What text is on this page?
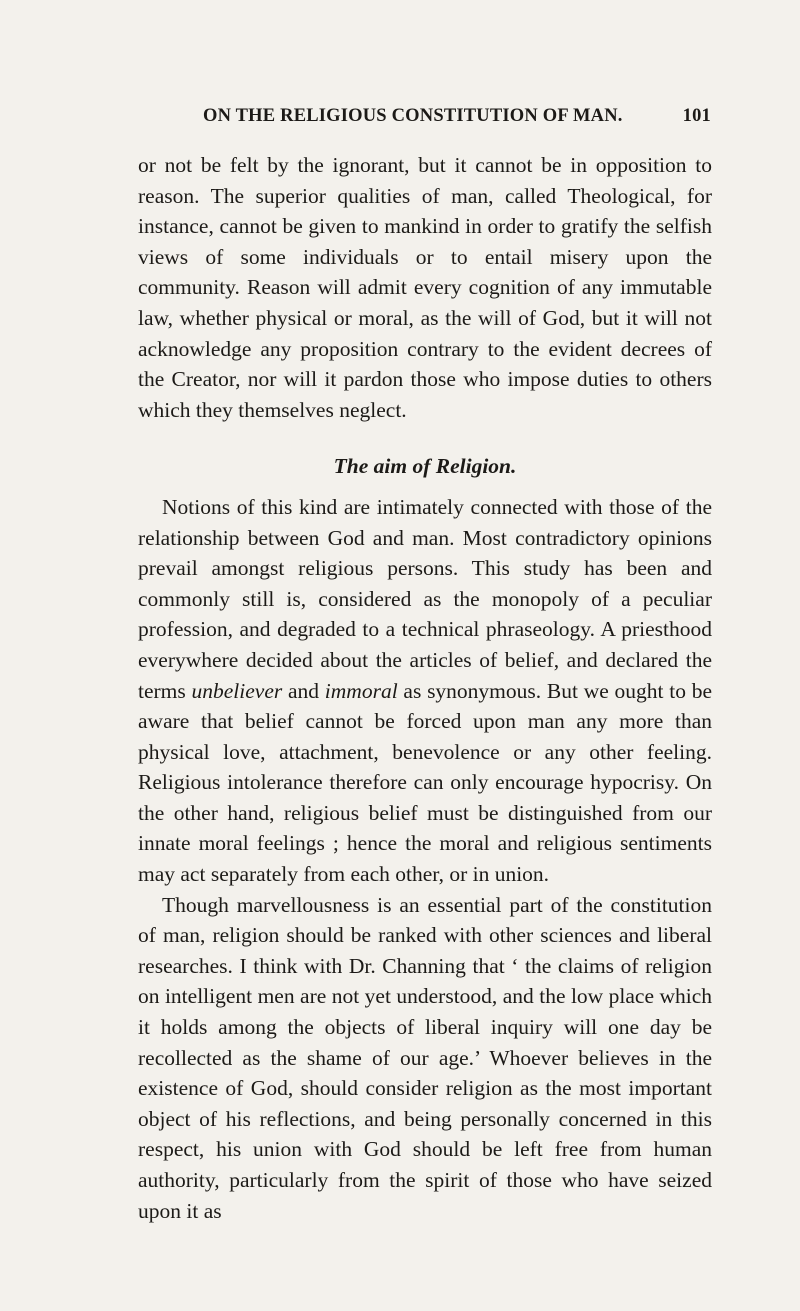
ON THE RELIGIOUS CONSTITUTION OF MAN.	101

or not be felt by the ignorant, but it cannot be in opposition to reason. The superior qualities of man, called Theological, for instance, cannot be given to mankind in order to gratify the selfish views of some individuals or to entail misery upon the community. Reason will admit every cognition of any immutable law, whether physical or moral, as the will of God, but it will not acknowledge any proposition contrary to the evident decrees of the Creator, nor will it pardon those who impose duties to others which they themselves neglect.

The aim of Religion.

Notions of this kind are intimately connected with those of the relationship between God and man. Most contradictory opinions prevail amongst religious persons. This study has been and commonly still is, considered as the monopoly of a peculiar profession, and degraded to a technical phraseology. A priesthood everywhere decided about the articles of belief, and declared the terms unbeliever and immoral as synonymous. But we ought to be aware that belief cannot be forced upon man any more than physical love, attachment, benevolence or any other feeling. Religious intolerance therefore can only encourage hypocrisy. On the other hand, religious belief must be distinguished from our innate moral feelings ; hence the moral and religious sentiments may act separately from each other, or in union.

Though marvellousness is an essential part of the constitution of man, religion should be ranked with other sciences and liberal researches. I think with Dr. Channing that ‘ the claims of religion on intelligent men are not yet understood, and the low place which it holds among the objects of liberal inquiry will one day be recollected as the shame of our age.’ Whoever believes in the existence of God, should consider religion as the most important object of his reflections, and being personally concerned in this respect, his union with God should be left free from human authority, particularly from the spirit of those who have seized upon it as
